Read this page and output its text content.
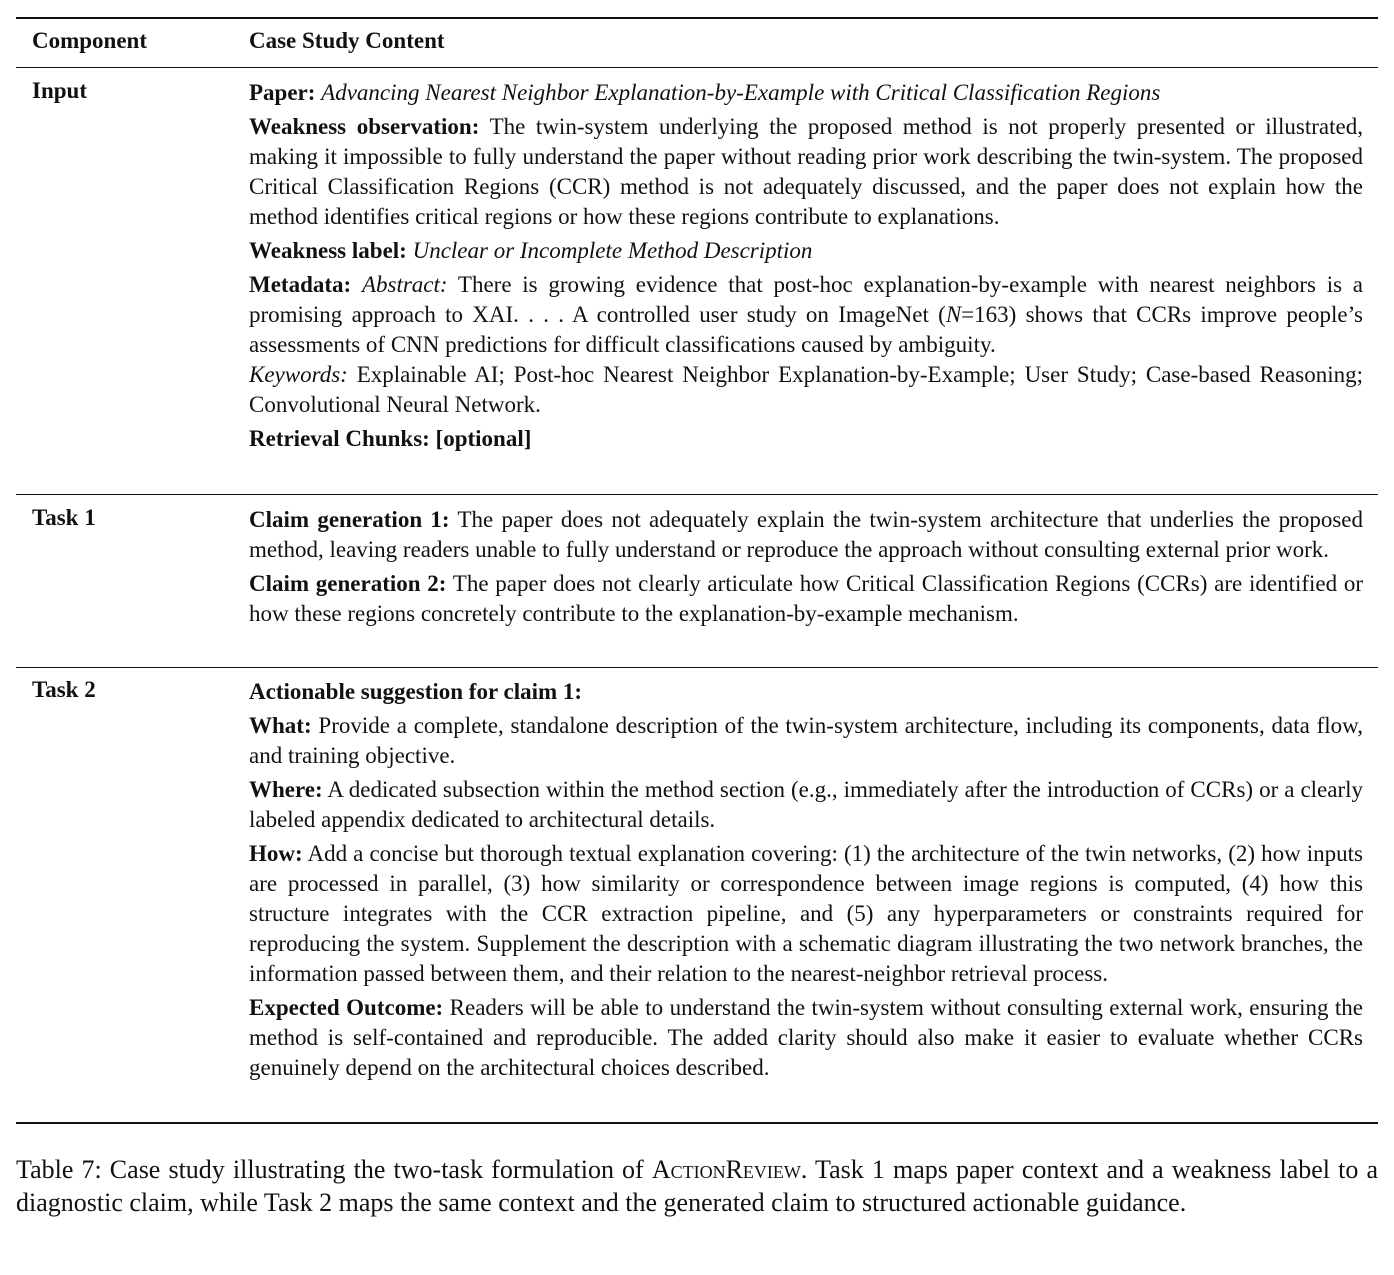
Component	Case Study Content
Input	Paper: Advancing Nearest Neighbor Explanation-by-Example with Critical Classification Regions

Weakness observation: The twin-system underlying the proposed method is not properly presented or illustrated, making it impossible to fully understand the paper without reading prior work describing the twin-system. The proposed Critical Classification Regions (CCR) method is not adequately discussed, and the paper does not explain how the method identifies critical regions or how these regions contribute to explanations.

Weakness label: Unclear or Incomplete Method Description

Metadata: Abstract: There is growing evidence that post-hoc explanation-by-example with nearest neighbors is a promising approach to XAI. . . . A controlled user study on ImageNet (N=163) shows that CCRs improve people’s assessments of CNN predictions for difficult classifications caused by ambiguity.

Keywords: Explainable AI; Post-hoc Nearest Neighbor Explanation-by-Example; User Study; Case-based Reasoning; Convolutional Neural Network.

Retrieval Chunks: [optional]

Task 1	Claim generation 1: The paper does not adequately explain the twin-system architecture that underlies the proposed method, leaving readers unable to fully understand or reproduce the approach without consulting external prior work.

Claim generation 2: The paper does not clearly articulate how Critical Classification Regions (CCRs) are identified or how these regions concretely contribute to the explanation-by-example mechanism.

Task 2	Actionable suggestion for claim 1:

What: Provide a complete, standalone description of the twin-system architecture, including its components, data flow, and training objective.

Where: A dedicated subsection within the method section (e.g., immediately after the introduction of CCRs) or a clearly labeled appendix dedicated to architectural details.

How: Add a concise but thorough textual explanation covering: (1) the architecture of the twin networks, (2) how inputs are processed in parallel, (3) how similarity or correspondence between image regions is computed, (4) how this structure integrates with the CCR extraction pipeline, and (5) any hyperparameters or constraints required for reproducing the system. Supplement the description with a schematic diagram illustrating the two network branches, the information passed between them, and their relation to the nearest-neighbor retrieval process.

Expected Outcome: Readers will be able to understand the twin-system without consulting external work, ensuring the method is self-contained and reproducible. The added clarity should also make it easier to evaluate whether CCRs genuinely depend on the architectural choices described.

Table 7: Case study illustrating the two-task formulation of ActionReview. Task 1 maps paper context and a weakness label to a diagnostic claim, while Task 2 maps the same context and the generated claim to structured actionable guidance.
